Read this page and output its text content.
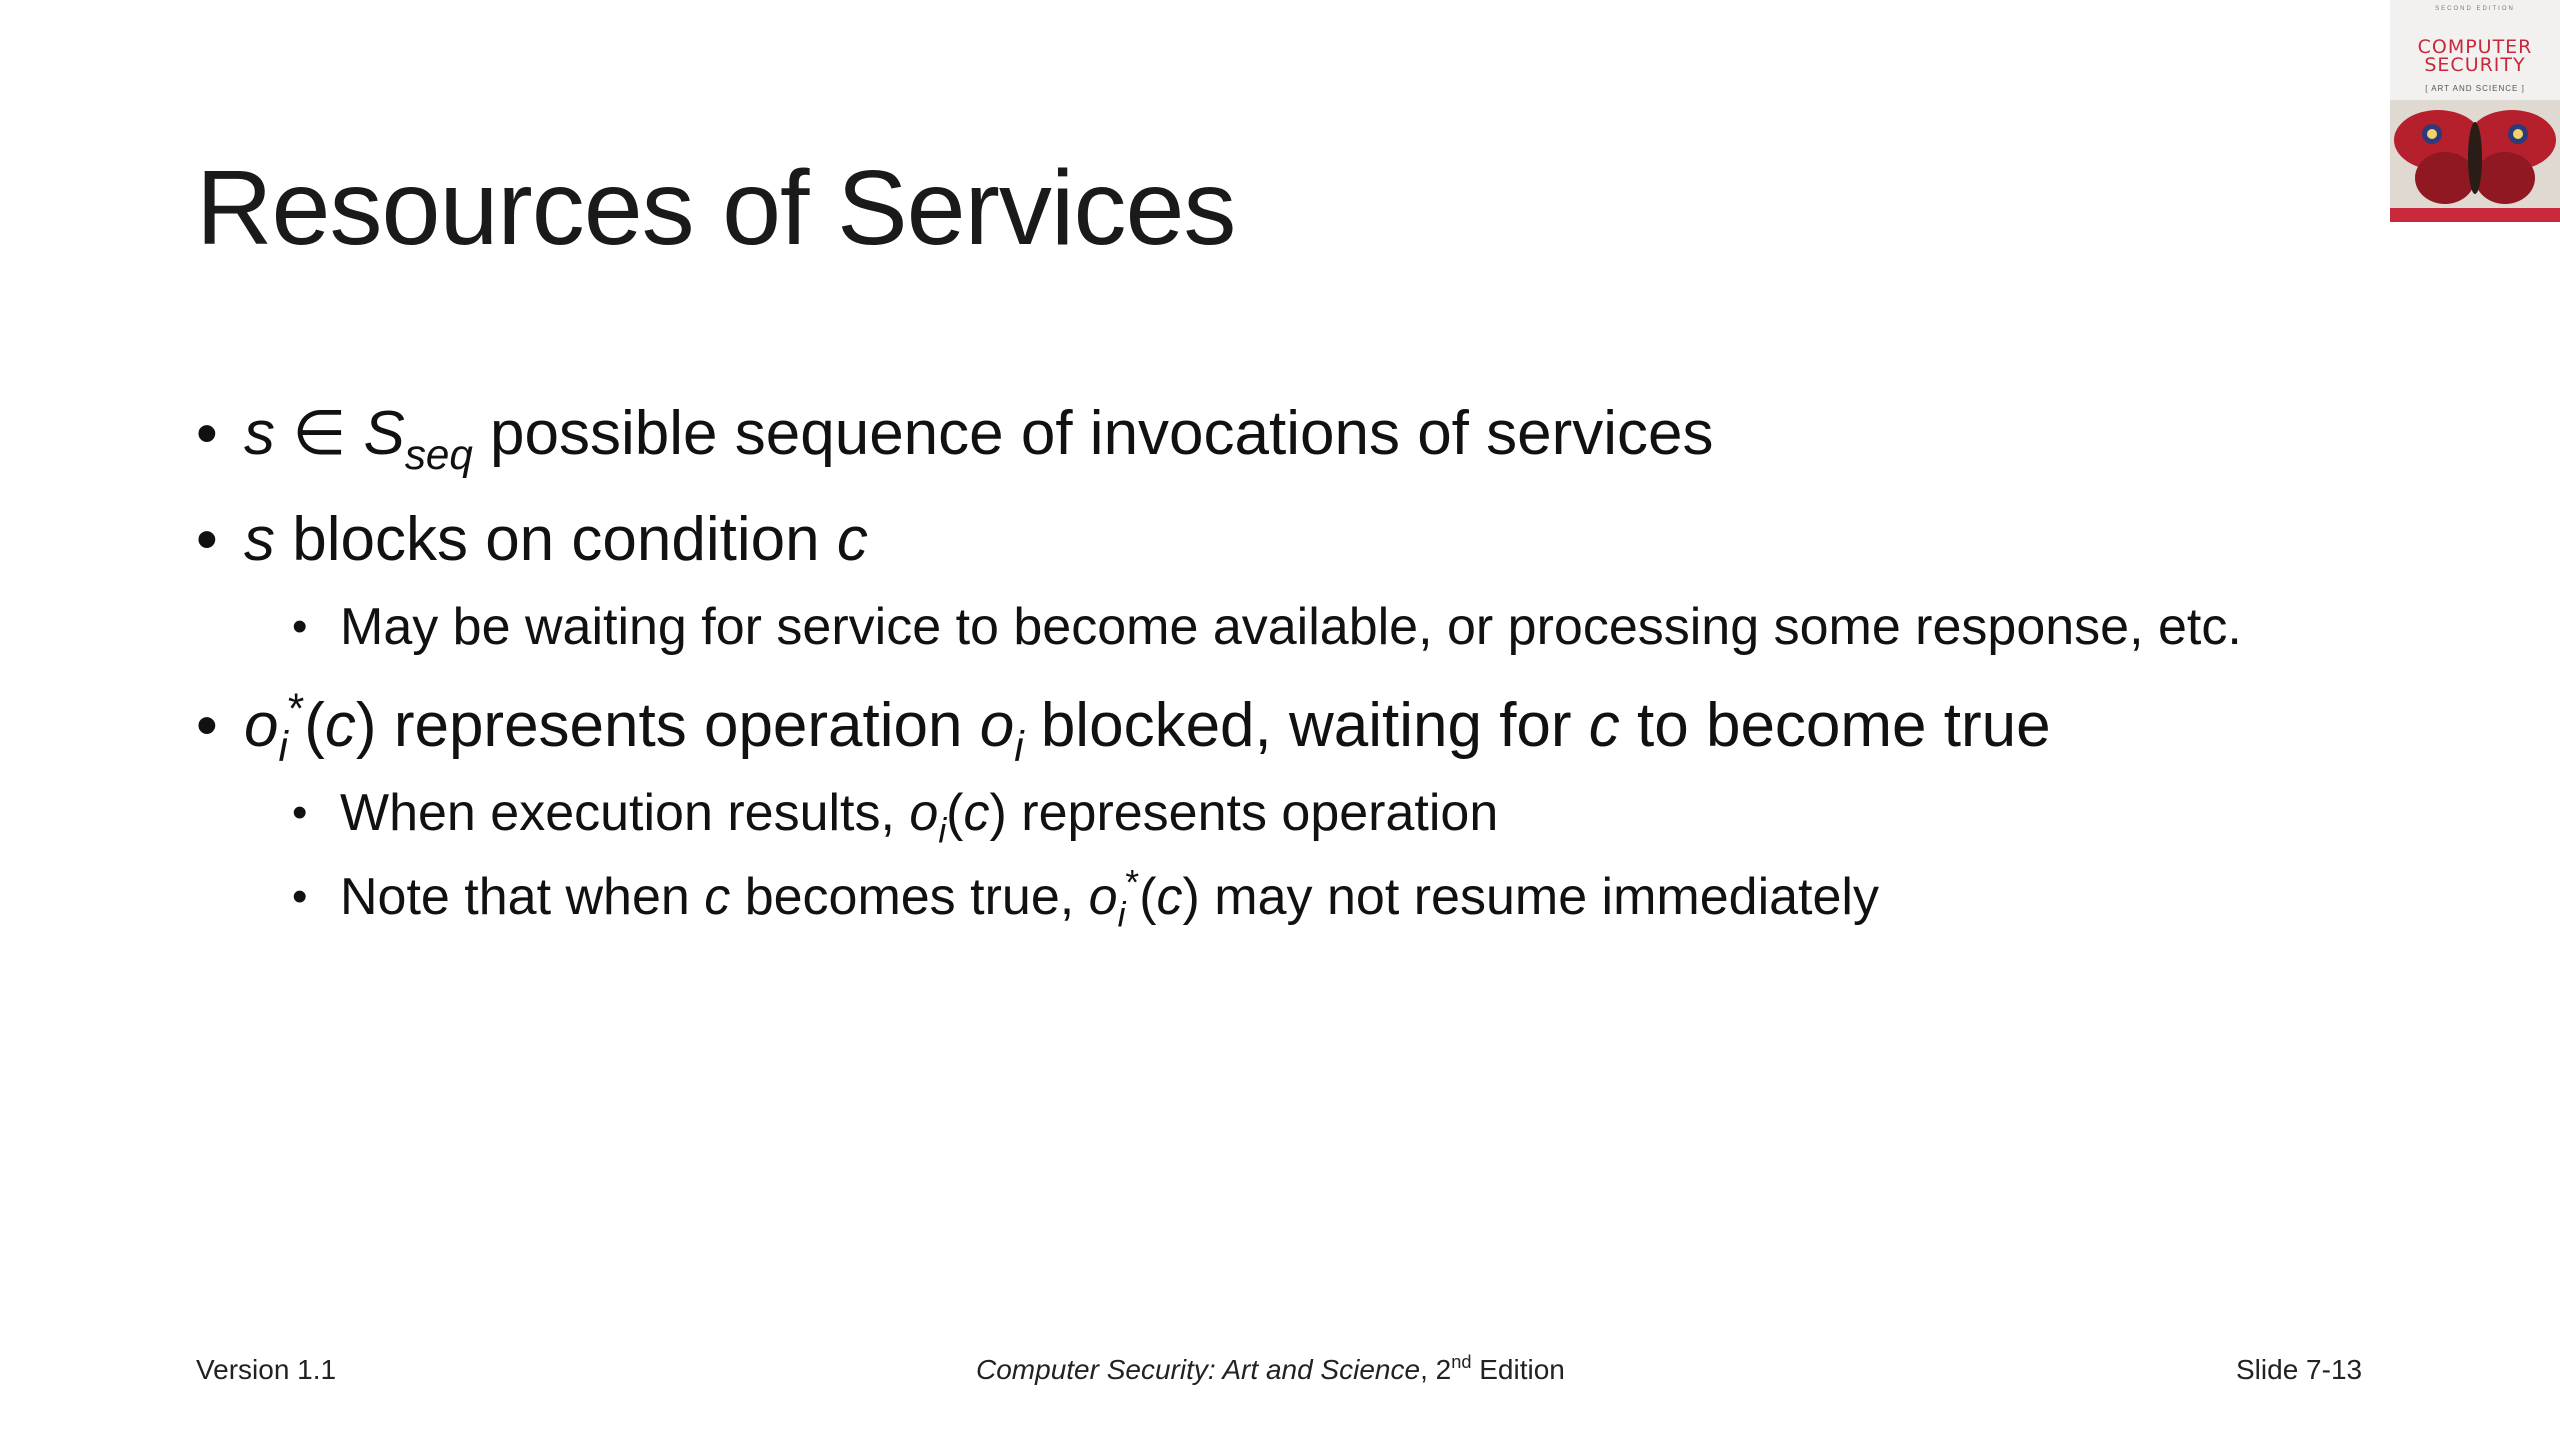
Resources of Services
SECOND EDITION
COMPUTER
SECURITY
[ ART AND SCIENCE ]
• s ∈ $S_{seq}$ possible sequence of invocations of services
• s blocks on condition c
• May be waiting for service to become available, or processing some response, etc.
• $o_i^*(c)$ represents operation $o_i$ blocked, waiting for c to become true
• When execution results, $o_i(c)$ represents operation
• Note that when c becomes true, $o_i^*(c)$ may not resume immediately
Version 1.1	Computer Security: Art and Science, 2nd Edition	Slide 7-13
